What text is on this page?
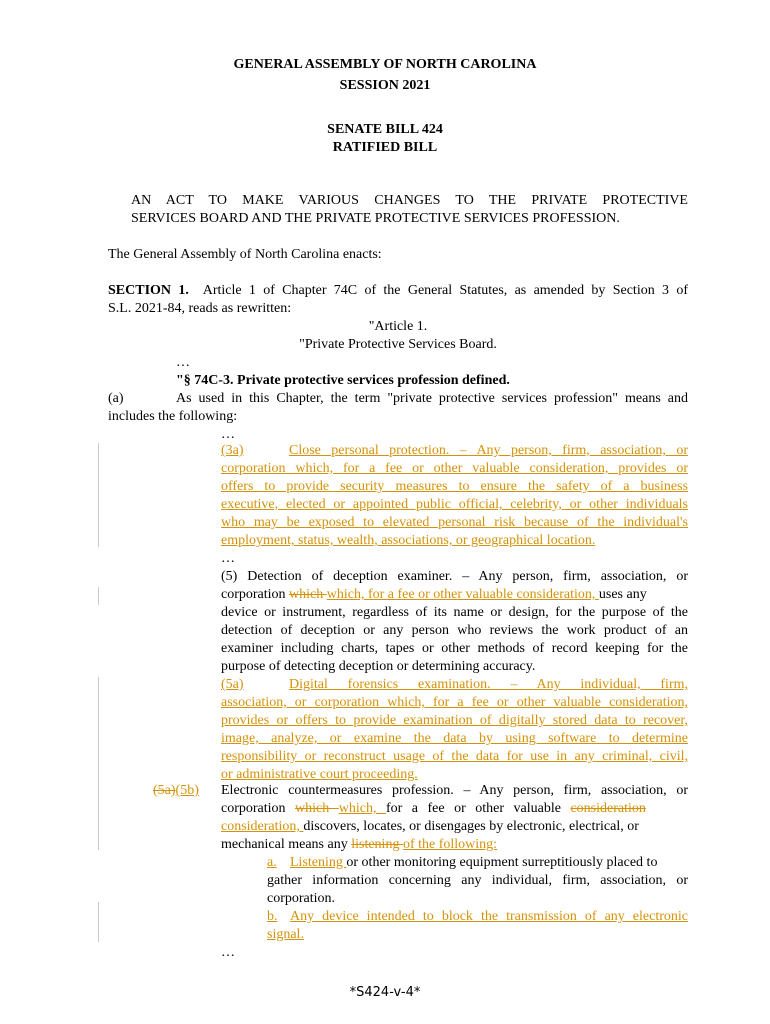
GENERAL ASSEMBLY OF NORTH CAROLINA
SESSION 2021
SENATE BILL 424
RATIFIED BILL
AN ACT TO MAKE VARIOUS CHANGES TO THE PRIVATE PROTECTIVE
SERVICES BOARD AND THE PRIVATE PROTECTIVE SERVICES PROFESSION.
The General Assembly of North Carolina enacts:
SECTION 1. Article 1 of Chapter 74C of the General Statutes, as amended by Section 3 of
S.L. 2021-84, reads as rewritten:
"Article 1.
"Private Protective Services Board.
…
"§ 74C-3. Private protective services profession defined.
(a)	As used in this Chapter, the term "private protective services profession" means and
includes the following:
…
(3a)	Close personal protection. – Any person, firm, association, or
corporation which, for a fee or other valuable consideration, provides or
offers to provide security measures to ensure the safety of a business
executive, elected or appointed public official, celebrity, or other individuals
who may be exposed to elevated personal risk because of the individual's
employment, status, wealth, associations, or geographical location.
…
(5) Detection of deception examiner. – Any person, firm, association, or
corporation which which, for a fee or other valuable consideration, uses any
device or instrument, regardless of its name or design, for the purpose of the
detection of deception or any person who reviews the work product of an
examiner including charts, tapes or other methods of record keeping for the
purpose of detecting deception or determining accuracy.
(5a)	Digital forensics examination. – Any individual, firm,
association, or corporation which, for a fee or other valuable consideration,
provides or offers to provide examination of digitally stored data to recover,
image, analyze, or examine the data by using software to determine
responsibility or reconstruct usage of the data for use in any criminal, civil,
or administrative court proceeding.
(5a)(5b) Electronic countermeasures profession. – Any person, firm, association, or
corporation which which, for a fee or other valuable consideration
consideration, discovers, locates, or disengages by electronic, electrical, or
mechanical means any listening of the following:
a. Listening or other monitoring equipment surreptitiously placed to
gather information concerning any individual, firm, association, or
corporation.
b. Any device intended to block the transmission of any electronic
signal.
…
*S424-v-4*
